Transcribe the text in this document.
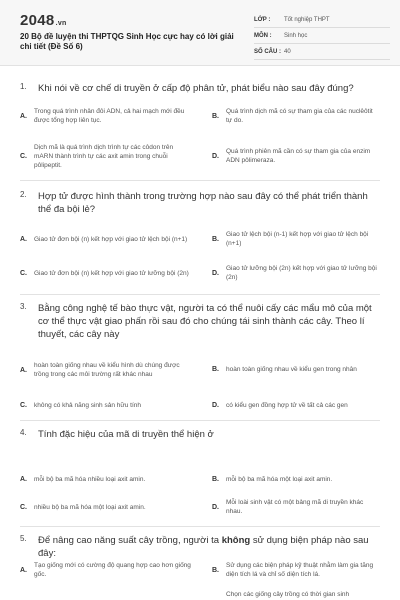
2048.vn
20 Bộ đề luyện thi THPTQG Sinh Học cực hay có lời giải chi tiết (Đề Số 6)
LỚP :	Tốt nghiệp THPT
MÔN :	Sinh học
SỐ CÂU : 40
1. Khi nói về cơ chế di truyền ở cấp độ phân tử, phát biểu nào sau đây đúng?
A.
Trong quá trình nhân đôi ADN, cả hai mạch mới đều được tổng hợp liên tục.
B.
Quá trình dịch mã có sự tham gia của các nuclêôtit tự do.
C.
Dịch mã là quá trình dịch trình tự các côdon trên mARN thành trình tự các axit amin trong chuỗi pôlipeptit.
D.
Quá trình phiên mã cần có sự tham gia của enzim ADN pôlimeraza.
2. Hợp tử được hình thành trong trường hợp nào sau đây có thể phát triển thành thể đa bội lẻ?
A.	Giao tử đơn bội (n) kết hợp với giao tử lệch bội (n+1)	B.
Giao tử lệch bội (n-1) kết hợp với giao tử lệch bội (n+1)
C.	Giao tử đơn bội (n) kết hợp với giao tử lưỡng bội (2n)	D.
Giao tử lưỡng bội (2n) kết hợp với giao tử lưỡng bội (2n)
3. Bằng công nghệ tế bào thực vật, người ta có thể nuôi cấy các mẩu mô của một cơ thể thực vật giao phấn rồi sau đó cho chúng tái sinh thành các cây. Theo lí thuyết, các cây này
A.
hoàn toàn giống nhau về kiểu hình dù chúng được trồng trong các môi trường rất khác nhau
B.	hoàn toàn giống nhau về kiểu gen trong nhân
C.	không có khả năng sinh sản hữu tính	D.	có kiểu gen đồng hợp tử về tất cả các gen
4. Tính đặc hiệu của mã di truyền thể hiện ở
A.	mỗi bộ ba mã hóa nhiều loại axit amin.	B.	mỗi bộ ba mã hóa một loại axit amin.
C.	nhiều bộ ba mã hóa một loại axit amin.	D.
Mỗi loài sinh vật có một bảng mã di truyền khác nhau.
5. Để nâng cao năng suất cây trồng, người ta không sử dụng biện pháp nào sau đây:
A.
Tạo giống mới có cường độ quang hợp cao hơn giống gốc.
B.
Sử dụng các biện pháp kỹ thuật nhằm làm gia tăng diện tích lá và chỉ số diện tích lá.
Chọn các giống cây trồng có thời gian sinh
